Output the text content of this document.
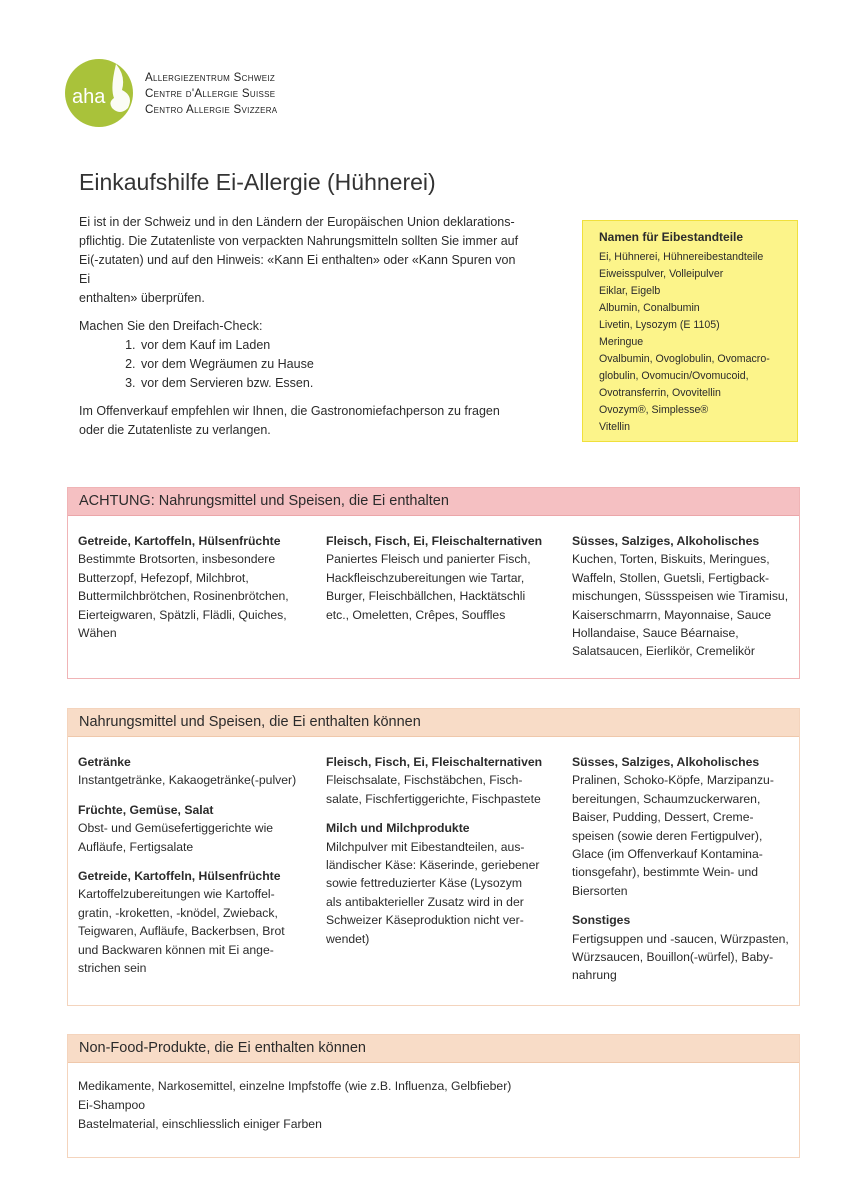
aha
Allergiezentrum Schweiz
Centre d'Allergie Suisse
Centro Allergie Svizzera
Einkaufshilfe Ei-Allergie (Hühnerei)

Ei ist in der Schweiz und in den Ländern der Europäischen Union deklarations-
pflichtig. Die Zutatenliste von verpackten Nahrungsmitteln sollten Sie immer auf
Ei(-zutaten) und auf den Hinweis: «Kann Ei enthalten» oder «Kann Spuren von Ei
enthalten» überprüfen.

Machen Sie den Dreifach-Check:

1. vor dem Kauf im Laden
2. vor dem Wegräumen zu Hause
3. vor dem Servieren bzw. Essen.

Im Offenverkauf empfehlen wir Ihnen, die Gastronomiefachperson zu fragen
oder die Zutatenliste zu verlangen.

Namen für Eibestandteile
Ei, Hühnerei, Hühnereibestandteile
Eiweisspulver, Volleipulver
Eiklar, Eigelb
Albumin, Conalbumin
Livetin, Lysozym (E 1105)
Meringue
Ovalbumin, Ovoglobulin, Ovomacro-
globulin, Ovomucin/Ovomucoid,
Ovotransferrin, Ovovitellin
Ovozym®, Simplesse®
Vitellin
ACHTUNG: Nahrungsmittel und Speisen, die Ei enthalten
Getreide, Kartoffeln, Hülsenfrüchte
Bestimmte Brotsorten, insbesondere
Butterzopf, Hefezopf, Milchbrot,
Buttermilchbrötchen, Rosinenbrötchen,
Eierteigwaren, Spätzli, Flädli, Quiches,
Wähen
Fleisch, Fisch, Ei, Fleischalternativen
Paniertes Fleisch und panierter Fisch,
Hackfleischzubereitungen wie Tartar,
Burger, Fleischbällchen, Hacktätschli
etc., Omeletten, Crêpes, Souffles
Süsses, Salziges, Alkoholisches
Kuchen, Torten, Biskuits, Meringues,
Waffeln, Stollen, Guetsli, Fertigback-
mischungen, Süssspeisen wie Tiramisu,
Kaiserschmarrn, Mayonnaise, Sauce
Hollandaise, Sauce Béarnaise,
Salatsaucen, Eierlikör, Cremelikör
Nahrungsmittel und Speisen, die Ei enthalten können
Getränke
Instantgetränke, Kakaogetränke(-pulver)
Früchte, Gemüse, Salat
Obst- und Gemüsefertiggerichte wie
Aufläufe, Fertigsalate
Getreide, Kartoffeln, Hülsenfrüchte
Kartoffelzubereitungen wie Kartoffel-
gratin, -kroketten, -knödel, Zwieback,
Teigwaren, Aufläufe, Backerbsen, Brot
und Backwaren können mit Ei ange-
strichen sein
Fleisch, Fisch, Ei, Fleischalternativen
Fleischsalate, Fischstäbchen, Fisch-
salate, Fischfertiggerichte, Fischpastete
Milch und Milchprodukte
Milchpulver mit Eibestandteilen, aus-
ländischer Käse: Käserinde, geriebener
sowie fettreduzierter Käse (Lysozym
als antibakterieller Zusatz wird in der
Schweizer Käseproduktion nicht ver-
wendet)
Süsses, Salziges, Alkoholisches
Pralinen, Schoko-Köpfe, Marzipanzu-
bereitungen, Schaumzuckerwaren,
Baiser, Pudding, Dessert, Creme-
speisen (sowie deren Fertigpulver),
Glace (im Offenverkauf Kontamina-
tionsgefahr), bestimmte Wein- und
Biersorten
Sonstiges
Fertigsuppen und -saucen, Würzpasten,
Würzsaucen, Bouillon(-würfel), Baby-
nahrung
Non-Food-Produkte, die Ei enthalten können
Medikamente, Narkosemittel, einzelne Impfstoffe (wie z.B. Influenza, Gelbfieber)
Ei-Shampoo
Bastelmaterial, einschliesslich einiger Farben
